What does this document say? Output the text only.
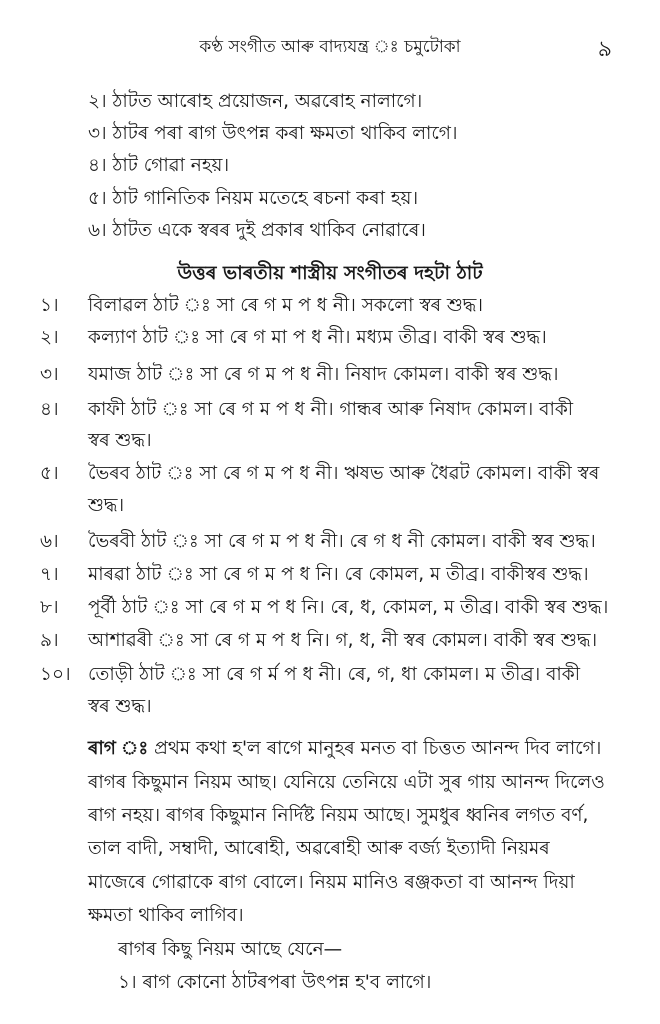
কণ্ঠ সংগীত আৰু বাদ্যযন্ত্ৰ ঃ চমুটোকা	৯
২। ঠাটত আৰোহ প্ৰয়োজন, অৱৰোহ নালাগে।
৩। ঠাটৰ পৰা ৰাগ উৎপন্ন কৰা ক্ষমতা থাকিব লাগে।
৪। ঠাট গোৱা নহয়।
৫। ঠাট গানিতিক নিয়ম মতেহে ৰচনা কৰা হয়।
৬। ঠাটত একে স্বৰৰ দুই প্ৰকাৰ থাকিব নোৱাৰে।
উত্তৰ ভাৰতীয় শাস্ত্ৰীয় সংগীতৰ দহটা ঠাট
১। বিলাৱল ঠাট ঃ সা ৰে গ ম প ধ নী। সকলো স্বৰ শুদ্ধ।
২। কল্যাণ ঠাট ঃ সা ৰে গ মা প ধ নী। মধ্যম তীব্ৰ। বাকী স্বৰ শুদ্ধ।
৩। যমাজ ঠাট ঃ সা ৰে গ ম প ধ নী। নিষাদ কোমল। বাকী স্বৰ শুদ্ধ।
৪। কাফী ঠাট ঃ সা ৰে গ ম প ধ নী। গান্ধৰ আৰু নিষাদ কোমল। বাকী
স্বৰ শুদ্ধ।
৫। ভৈৰব ঠাট ঃ সা ৰে গ ম প ধ নী। ঋষভ আৰু ধৈৱট কোমল। বাকী স্বৰ
শুদ্ধ।
৬। ভৈৰবী ঠাট ঃ সা ৰে গ ম প ধ নী। ৰে গ ধ নী কোমল। বাকী স্বৰ শুদ্ধ।
৭। মাৰৱা ঠাট ঃ সা ৰে গ ম প ধ নি। ৰে কোমল, ম তীব্ৰ। বাকীস্বৰ শুদ্ধ।
৮। পূৰ্বী ঠাট ঃ সা ৰে গ ম প ধ নি। ৰে, ধ, কোমল, ম তীব্ৰ। বাকী স্বৰ শুদ্ধ।
৯। আশাৱৰী ঃ সা ৰে গ ম প ধ নি। গ, ধ, নী স্বৰ কোমল। বাকী স্বৰ শুদ্ধ।
১০। তোড়ী ঠাট ঃ সা ৰে গ ৰ্ম প ধ নী। ৰে, গ, ধা কোমল। ম তীব্ৰ। বাকী
স্বৰ শুদ্ধ।
ৰাগ ঃ প্ৰথম কথা হ'ল ৰাগে মানুহৰ মনত বা চিত্তত আনন্দ দিব লাগে।
ৰাগৰ কিছুমান নিয়ম আছ। যেনিয়ে তেনিয়ে এটা সুৰ গায় আনন্দ দিলেও
ৰাগ নহয়। ৰাগৰ কিছুমান নিৰ্দিষ্ট নিয়ম আছে। সুমধুৰ ধ্বনিৰ লগত বৰ্ণ,
তাল বাদী, সম্বাদী, আৰোহী, অৱৰোহী আৰু বৰ্জ্য ইত্যাদী নিয়মৰ
মাজেৰে গোৱাকে ৰাগ বোলে। নিয়ম মানিও ৰঞ্জকতা বা আনন্দ দিয়া
ক্ষমতা থাকিব লাগিব।
ৰাগৰ কিছু নিয়ম আছে যেনে—
১। ৰাগ কোনো ঠাটৰপৰা উৎপন্ন হ'ব লাগে।
